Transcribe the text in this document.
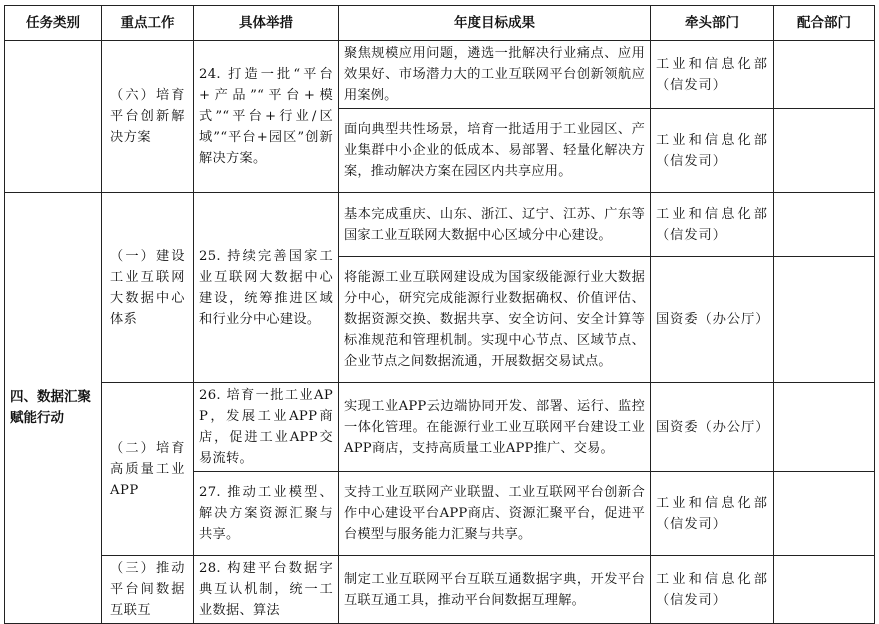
任务类别	重点工作	具体举措	年度目标成果	牵头部门	配合部门
	（六）培育平台创新解决方案	24. 打造一批“平台+产品”“平台+模式”“平台+行业/区域”“平台+园区”创新解决方案。	聚焦规模应用问题，遴选一批解决行业痛点、应用效果好、市场潜力大的工业互联网平台创新领航应用案例。	工业和信息化部（信发司）	
			面向典型共性场景，培育一批适用于工业园区、产业集群中小企业的低成本、易部署、轻量化解决方案，推动解决方案在园区内共享应用。	工业和信息化部（信发司）	
四、数据汇聚赋能行动	（一）建设工业互联网大数据中心体系	25. 持续完善国家工业互联网大数据中心建设，统筹推进区域和行业分中心建设。	基本完成重庆、山东、浙江、辽宁、江苏、广东等国家工业互联网大数据中心区域分中心建设。	工业和信息化部（信发司）	
			将能源工业互联网建设成为国家级能源行业大数据分中心，研究完成能源行业数据确权、价值评估、数据资源交换、数据共享、安全访问、安全计算等标准规范和管理机制。实现中心节点、区域节点、企业节点之间数据流通，开展数据交易试点。	国资委（办公厅）	
	（二）培育高质量工业APP	26. 培育一批工业APP，发展工业APP商店，促进工业APP交易流转。	实现工业APP云边端协同开发、部署、运行、监控一体化管理。在能源行业工业互联网平台建设工业APP商店，支持高质量工业APP推广、交易。	国资委（办公厅）	
		27. 推动工业模型、解决方案资源汇聚与共享。	支持工业互联网产业联盟、工业互联网平台创新合作中心建设平台APP商店、资源汇聚平台，促进平台模型与服务能力汇聚与共享。	工业和信息化部（信发司）	
	（三）推动平台间数据互联互	28. 构建平台数据字典互认机制，统一工业数据、算法	制定工业互联网平台互联互通数据字典，开发平台互联互通工具，推动平台间数据互理解。	工业和信息化部（信发司）	
